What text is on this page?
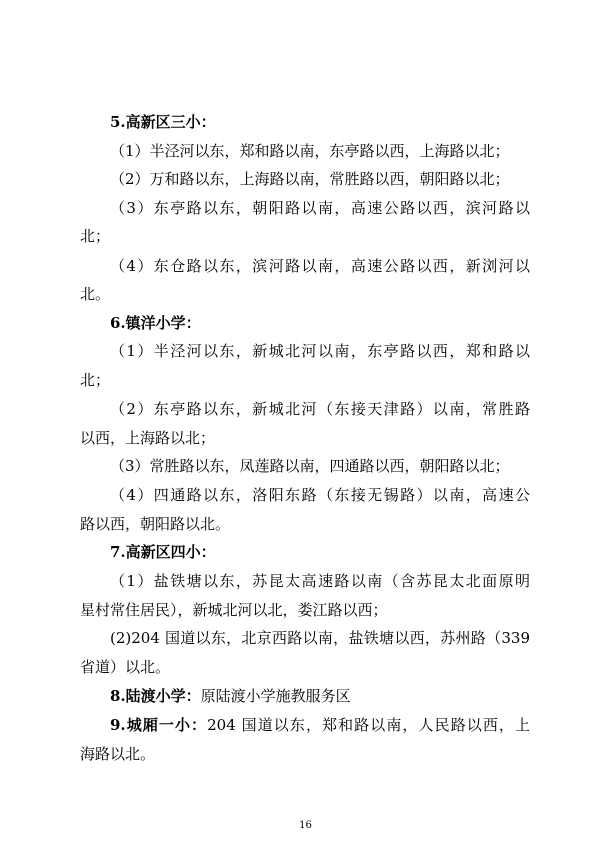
5.高新区三小：
（1）半泾河以东，郑和路以南，东亭路以西，上海路以北；
（2）万和路以东，上海路以南，常胜路以西，朝阳路以北；
（3）东亭路以东，朝阳路以南，高速公路以西，滨河路以
北；
（4）东仓路以东，滨河路以南，高速公路以西，新浏河以
北。
6.镇洋小学：
（1）半泾河以东，新城北河以南，东亭路以西，郑和路以
北；
（2）东亭路以东，新城北河（东接天津路）以南，常胜路
以西，上海路以北；
（3）常胜路以东，凤莲路以南，四通路以西，朝阳路以北；
（4）四通路以东，洛阳东路（东接无锡路）以南，高速公
路以西，朝阳路以北。
7.高新区四小：
（1）盐铁塘以东，苏昆太高速路以南（含苏昆太北面原明
星村常住居民），新城北河以北，娄江路以西；
(2)204 国道以东，北京西路以南，盐铁塘以西，苏州路（339
省道）以北。
8.陆渡小学：原陆渡小学施教服务区
9.城厢一小：204 国道以东，郑和路以南，人民路以西，上
海路以北。
16
